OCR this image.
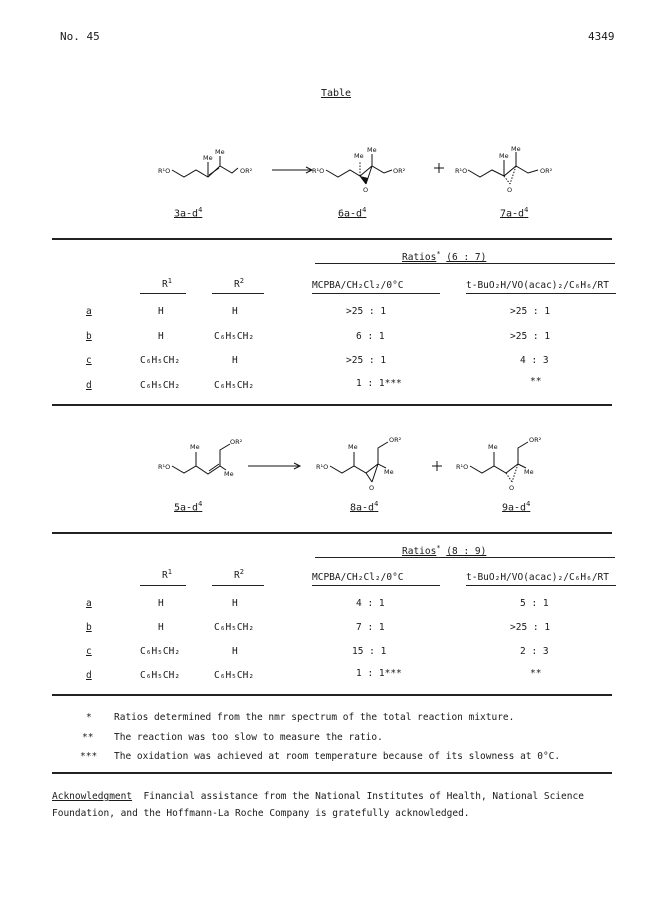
No. 45	4349
Table
R¹O	OR²
Me
Me
R¹O	OR²
Me
Me
O
R¹O	OR²
Me
Me
O
$3a-d^4$	$6a-d^4$	$7a-d^4$
Ratios* (6 : 7)
$R^1$	$R^2$	MCPBA/CH₂Cl₂/0°C	t-BuO₂H/VO(acac)₂/C₆H₆/RT
a	H	H	>25 : 1	>25 : 1
b	H	C₆H₅CH₂	6 : 1	>25 : 1
c	C₆H₅CH₂	H	>25 : 1	4 : 3
d	C₆H₅CH₂	C₆H₅CH₂	1 : 1***	**
R¹O
Me
Me
OR²
R¹O
Me
Me
OR²
O
R¹O
Me
Me
OR²
O
$5a-d^4$	$8a-d^4$	$9a-d^4$
Ratios* (8 : 9)
$R^1$	$R^2$	MCPBA/CH₂Cl₂/0°C	t-BuO₂H/VO(acac)₂/C₆H₆/RT
a	H	H	4 : 1	5 : 1
b	H	C₆H₅CH₂	7 : 1	>25 : 1
c	C₆H₅CH₂	H	15 : 1	2 : 3
d	C₆H₅CH₂	C₆H₅CH₂	1 : 1***	**
* Ratios determined from the nmr spectrum of the total reaction mixture.
** The reaction was too slow to measure the ratio.
*** The oxidation was achieved at room temperature because of its slowness at 0°C.
Acknowledgment Financial assistance from the National Institutes of Health, National Science
Foundation, and the Hoffmann-La Roche Company is gratefully acknowledged.
